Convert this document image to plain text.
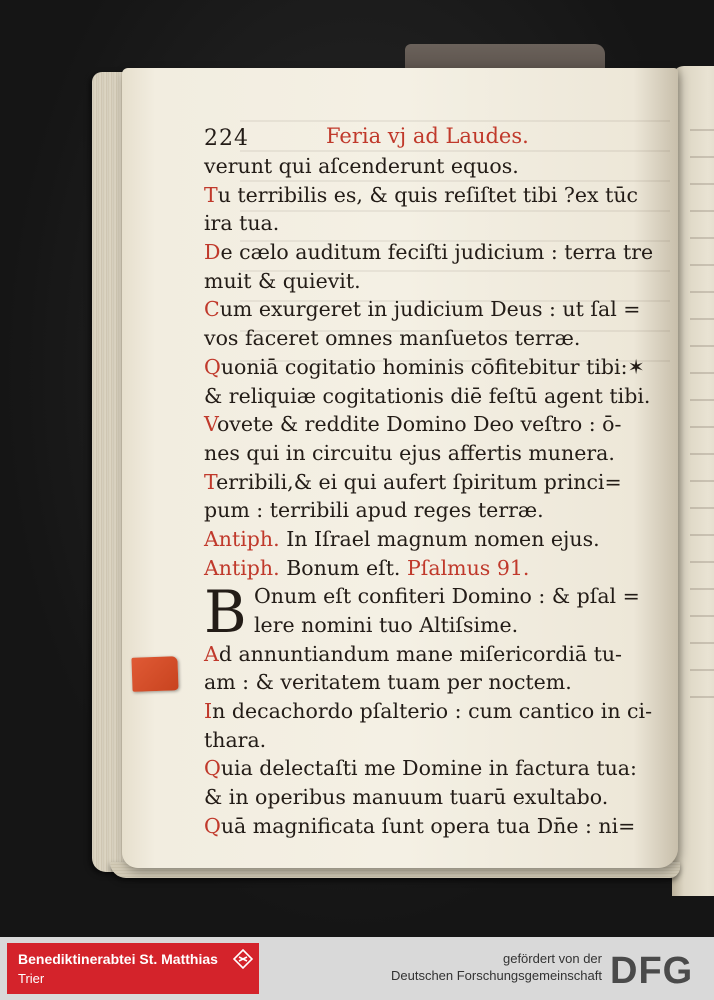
224	Feria vj ad Laudes.
verunt qui aſcenderunt equos.
Tu terribilis es, & quis reſiſtet tibi ?ex tūc
ira tua.
De cælo auditum feciſti judicium : terra tre
muit & quievit.
Cum exurgeret in judicium Deus : ut ſal =
vos faceret omnes manſuetos terræ.
Quoniā cogitatio hominis cōfitebitur tibi:✶
& reliquiæ cogitationis diē feſtū agent tibi.
Vovete & reddite Domino Deo veſtro : ō-
nes qui in circuitu ejus affertis munera.
Terribili,& ei qui aufert ſpiritum princi=
pum : terribili apud reges terræ.
Antiph. In Iſrael magnum nomen ejus.
Antiph. Bonum eſt. Pſalmus 91.
B Onum eſt confiteri Domino : & pſal =
lere nomini tuo Altiſsime.
Ad annuntiandum mane miſericordiā tu-
am : & veritatem tuam per noctem.
In decachordo pſalterio : cum cantico in ci-
thara.
Quia delectaſti me Domine in factura tua:
& in operibus manuum tuarū exultabo.
Quā magnificata ſunt opera tua Dn̄e : ni=
Benediktinerabtei St. Matthias
Trier
gefördert von der
Deutschen Forschungsgemeinschaft DFG
